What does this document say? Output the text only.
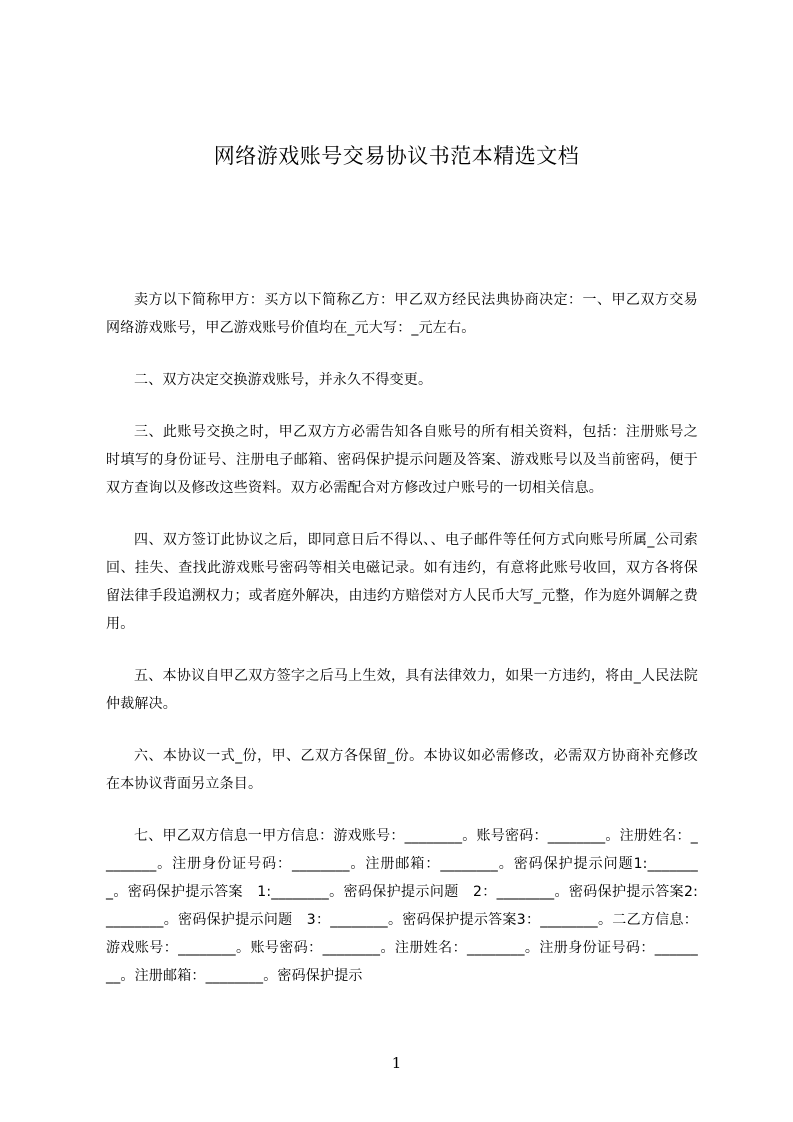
网络游戏账号交易协议书范本精选文档

卖方以下简称甲方：买方以下简称乙方：甲乙双方经民法典协商决定：一、甲乙双方交易网络游戏账号，甲乙游戏账号价值均在_元大写：_元左右。

二、双方决定交换游戏账号，并永久不得变更。

三、此账号交换之时，甲乙双方方必需告知各自账号的所有相关资料，包括：注册账号之时填写的身份证号、注册电子邮箱、密码保护提示问题及答案、游戏账号以及当前密码，便于双方查询以及修改这些资料。双方必需配合对方修改过户账号的一切相关信息。

四、双方签订此协议之后，即同意日后不得以、、电子邮件等任何方式向账号所属_公司索回、挂失、查找此游戏账号密码等相关电磁记录。如有违约，有意将此账号收回，双方各将保留法律手段追溯权力；或者庭外解决，由违约方赔偿对方人民币大写_元整，作为庭外调解之费用。

五、本协议自甲乙双方签字之后马上生效，具有法律效力，如果一方违约，将由_人民法院仲裁解决。

六、本协议一式_份，甲、乙双方各保留_份。本协议如必需修改，必需双方协商补充修改在本协议背面另立条目。

七、甲乙双方信息一甲方信息：游戏账号：________。账号密码：________。注册姓名：________。注册身份证号码：________。注册邮箱：________。密码保护提示问题1:________。密码保护提示答案　1:________。密码保护提示问题　2：________。密码保护提示答案2:________。密码保护提示问题　3：________。密码保护提示答案3：________。二乙方信息：游戏账号：________。账号密码：________。注册姓名：________。注册身份证号码：________。注册邮箱：________。密码保护提示

1
